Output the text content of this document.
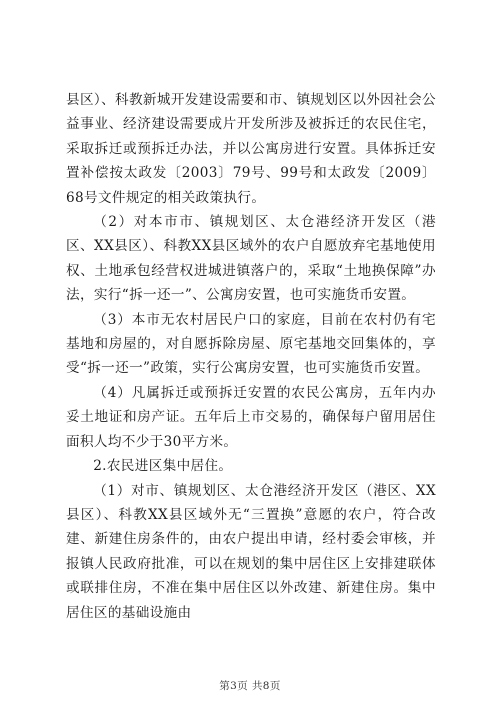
县区）、科教新城开发建设需要和市、镇规划区以外因社会公益事业、经济建设需要成片开发所涉及被拆迁的农民住宅，采取拆迁或预拆迁办法，并以公寓房进行安置。具体拆迁安置补偿按太政发〔2003〕79号、99号和太政发〔2009〕68号文件规定的相关政策执行。

（2）对本市市、镇规划区、太仓港经济开发区（港区、XX县区）、科教XX县区域外的农户自愿放弃宅基地使用权、土地承包经营权进城进镇落户的，采取“土地换保障”办法，实行“拆一还一”、公寓房安置，也可实施货币安置。

（3）本市无农村居民户口的家庭，目前在农村仍有宅基地和房屋的，对自愿拆除房屋、原宅基地交回集体的，享受“拆一还一”政策，实行公寓房安置，也可实施货币安置。

（4）凡属拆迁或预拆迁安置的农民公寓房，五年内办妥土地证和房产证。五年后上市交易的，确保每户留用居住面积人均不少于30平方米。

2.农民进区集中居住。

（1）对市、镇规划区、太仓港经济开发区（港区、XX县区）、科教XX县区域外无“三置换”意愿的农户，符合改建、新建住房条件的，由农户提出申请，经村委会审核，并报镇人民政府批准，可以在规划的集中居住区上安排建联体或联排住房，不准在集中居住区以外改建、新建住房。集中居住区的基础设施由

第3页 共8页
